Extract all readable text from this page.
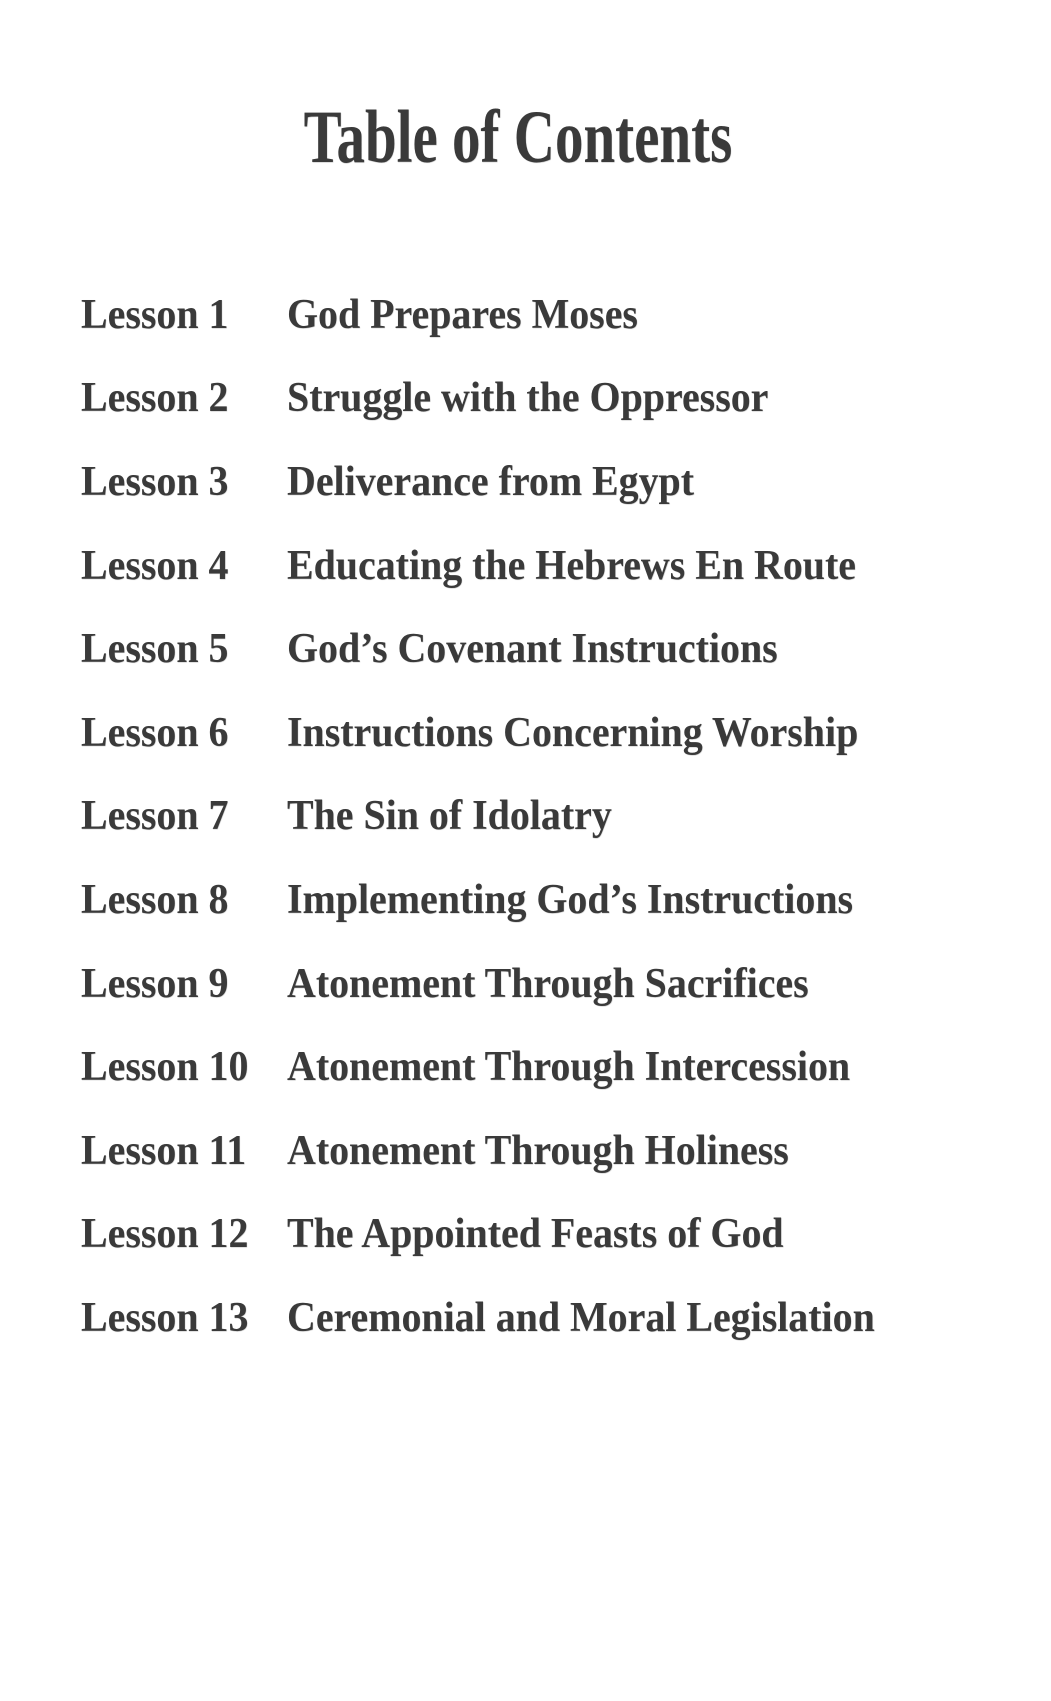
Table of Contents
Lesson 1	God Prepares Moses
Lesson 2	Struggle with the Oppressor
Lesson 3	Deliverance from Egypt
Lesson 4	Educating the Hebrews En Route
Lesson 5	God’s Covenant Instructions
Lesson 6	Instructions Concerning Worship
Lesson 7	The Sin of Idolatry
Lesson 8	Implementing God’s Instructions
Lesson 9	Atonement Through Sacrifices
Lesson 10 Atonement Through Intercession
Lesson 11 Atonement Through Holiness
Lesson 12 The Appointed Feasts of God
Lesson 13 Ceremonial and Moral Legislation
